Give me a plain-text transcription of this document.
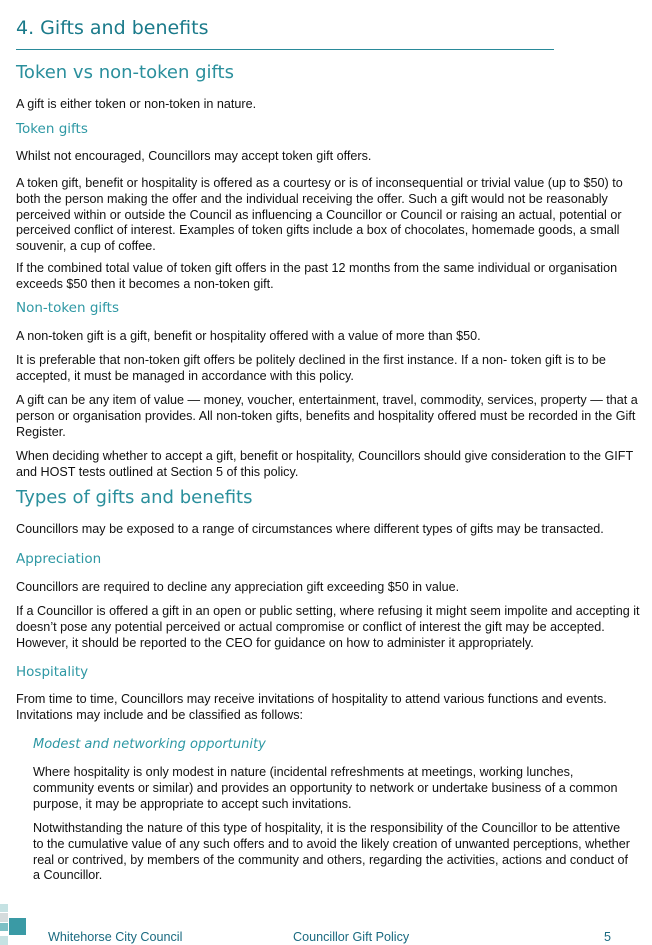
4. Gifts and benefits
Token vs non-token gifts

A gift is either token or non-token in nature.

Token gifts

Whilst not encouraged, Councillors may accept token gift offers.

A token gift, benefit or hospitality is offered as a courtesy or is of inconsequential or trivial value (up to $50) to both the person making the offer and the individual receiving the offer. Such a gift would not be reasonably perceived within or outside the Council as influencing a Councillor or Council or raising an actual, potential or perceived conflict of interest. Examples of token gifts include a box of chocolates, homemade goods, a small souvenir, a cup of coffee.

If the combined total value of token gift offers in the past 12 months from the same individual or organisation exceeds $50 then it becomes a non-token gift.

Non-token gifts

A non-token gift is a gift, benefit or hospitality offered with a value of more than $50.

It is preferable that non-token gift offers be politely declined in the first instance. If a non- token gift is to be accepted, it must be managed in accordance with this policy.

A gift can be any item of value — money, voucher, entertainment, travel, commodity, services, property — that a person or organisation provides. All non-token gifts, benefits and hospitality offered must be recorded in the Gift Register.

When deciding whether to accept a gift, benefit or hospitality, Councillors should give consideration to the GIFT and HOST tests outlined at Section 5 of this policy.

Types of gifts and benefits

Councillors may be exposed to a range of circumstances where different types of gifts may be transacted.

Appreciation

Councillors are required to decline any appreciation gift exceeding $50 in value.

If a Councillor is offered a gift in an open or public setting, where refusing it might seem impolite and accepting it doesn’t pose any potential perceived or actual compromise or conflict of interest the gift may be accepted. However, it should be reported to the CEO for guidance on how to administer it appropriately.

Hospitality

From time to time, Councillors may receive invitations of hospitality to attend various functions and events. Invitations may include and be classified as follows:

Modest and networking opportunity

Where hospitality is only modest in nature (incidental refreshments at meetings, working lunches, community events or similar) and provides an opportunity to network or undertake business of a common purpose, it may be appropriate to accept such invitations.

Notwithstanding the nature of this type of hospitality, it is the responsibility of the Councillor to be attentive to the cumulative value of any such offers and to avoid the likely creation of unwanted perceptions, whether real or contrived, by members of the community and others, regarding the activities, actions and conduct of a Councillor.

Whitehorse City Council	Councillor Gift Policy	5
